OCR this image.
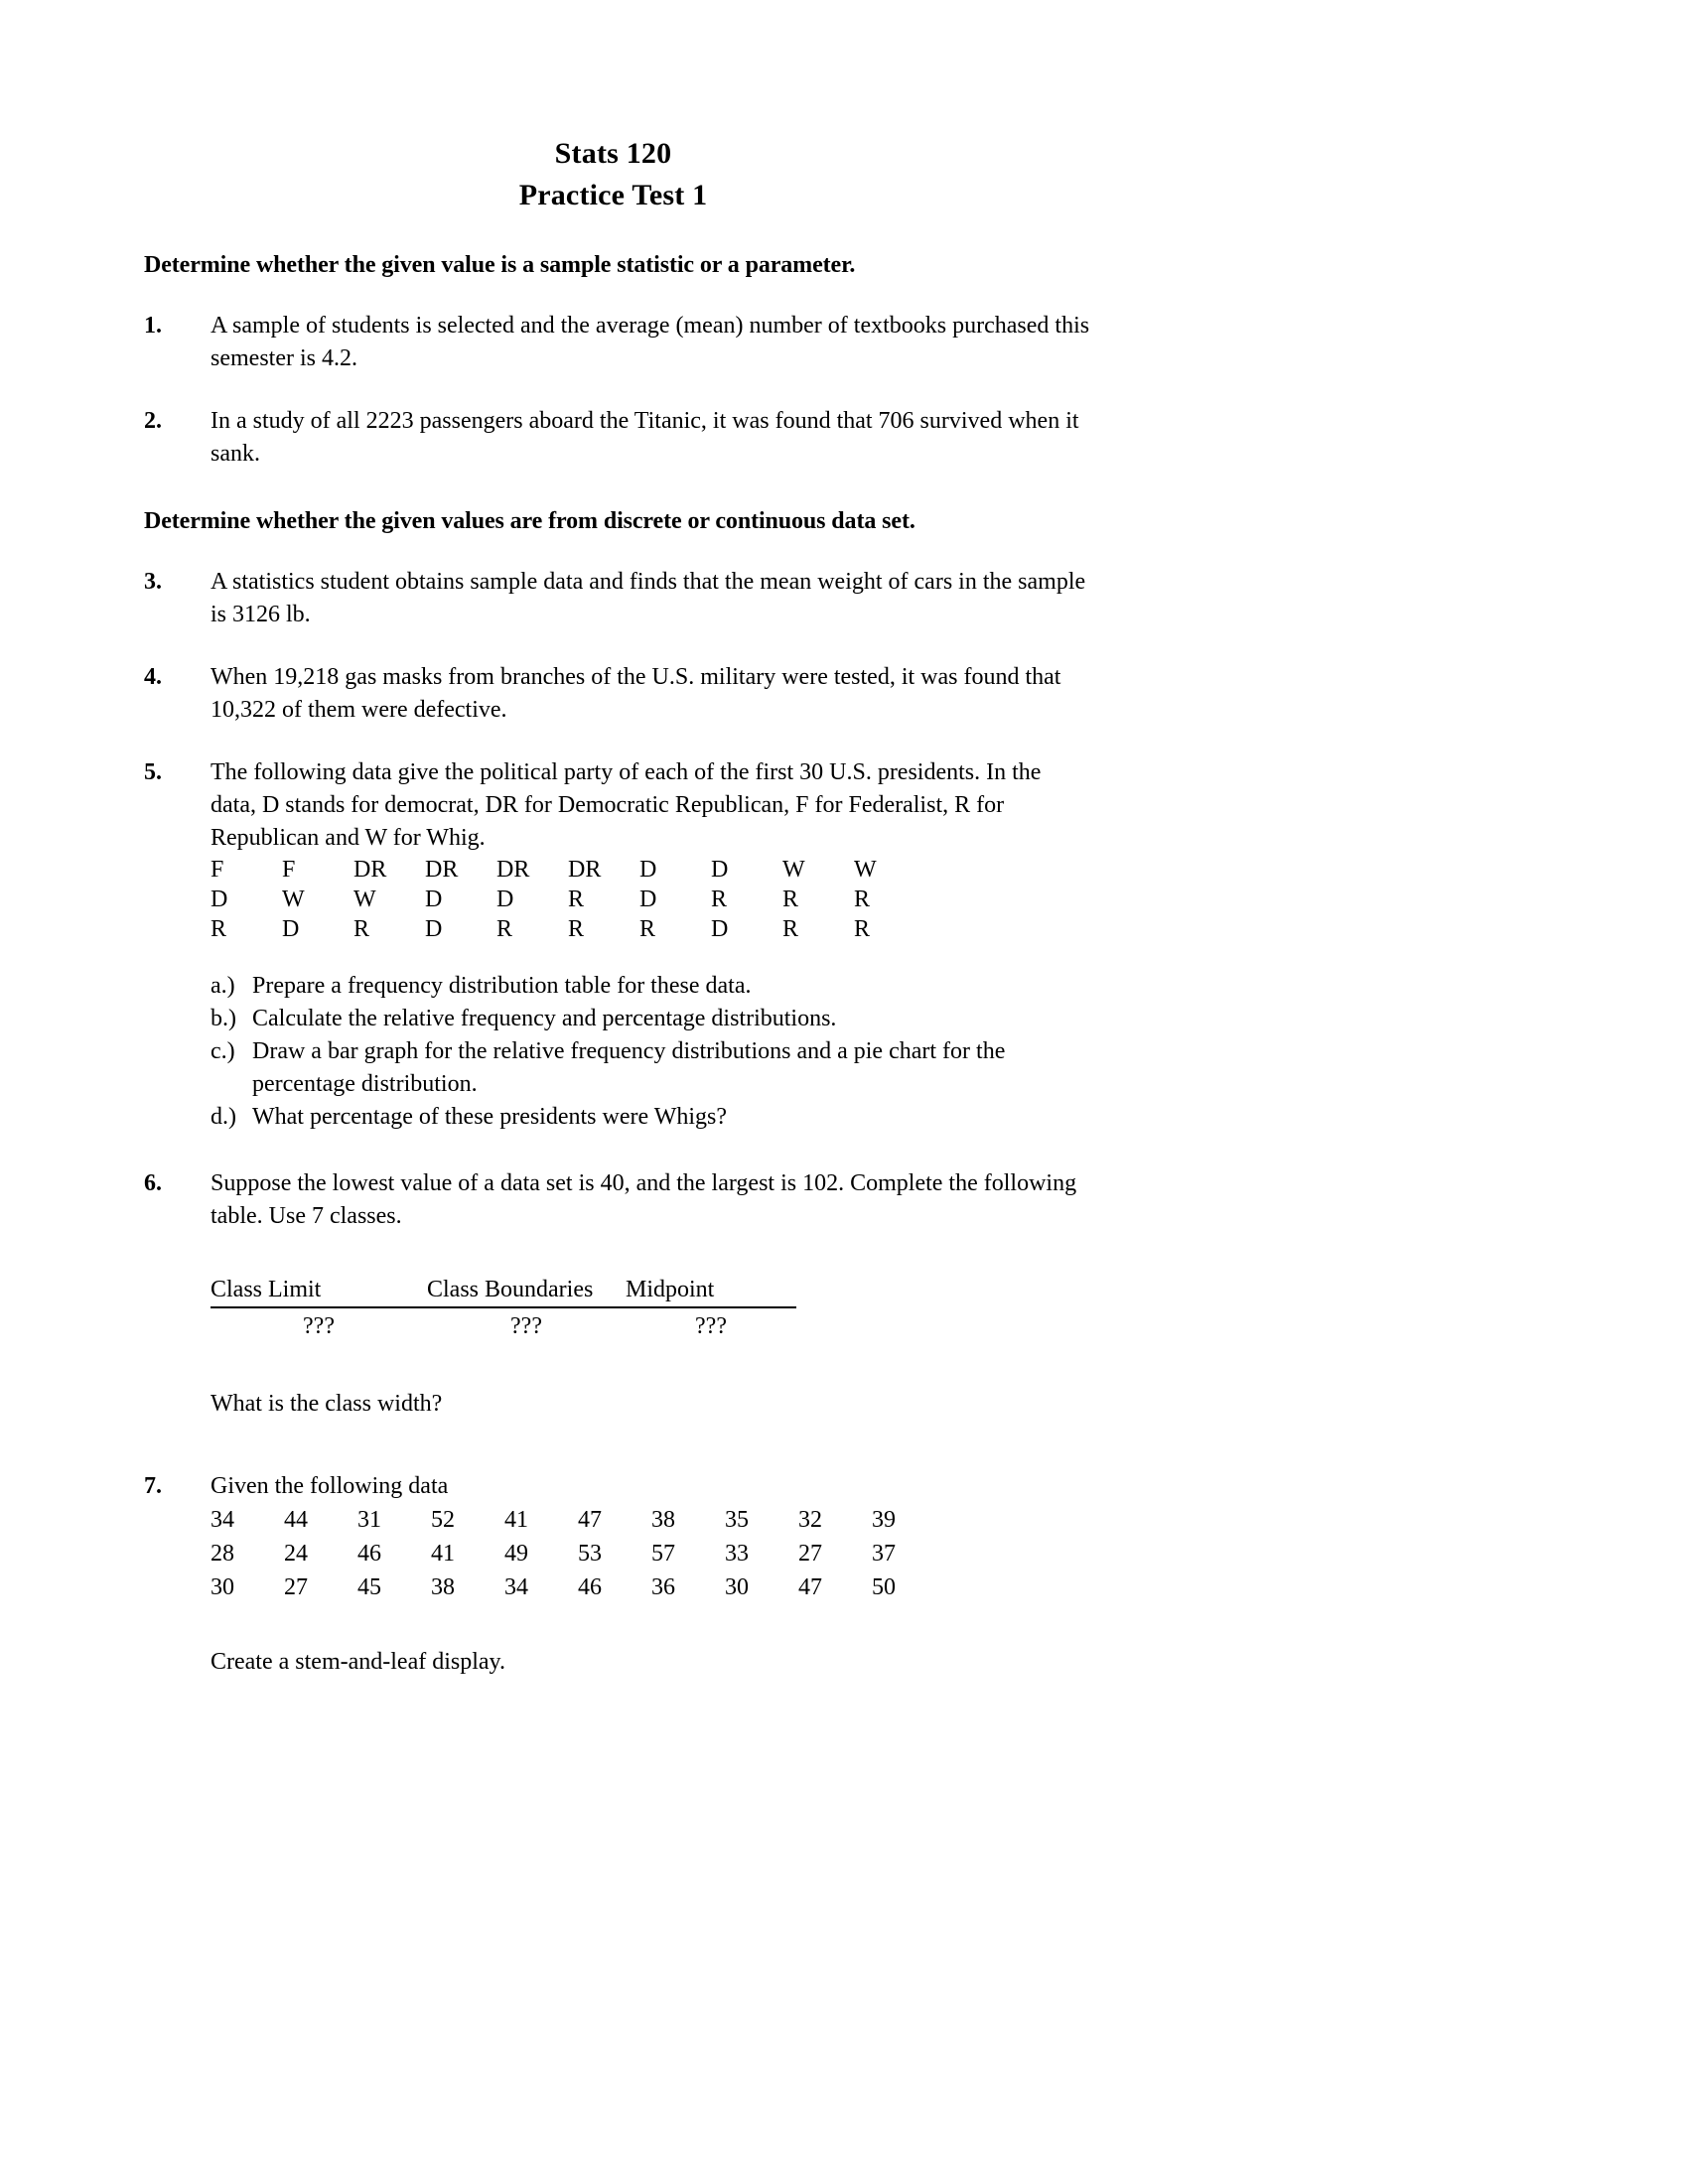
Stats 120
Practice Test 1
Determine whether the given value is a sample statistic or a parameter.
1. A sample of students is selected and the average (mean) number of textbooks purchased this semester is 4.2.
2. In a study of all 2223 passengers aboard the Titanic, it was found that 706 survived when it sank.
Determine whether the given values are from discrete or continuous data set.
3. A statistics student obtains sample data and finds that the mean weight of cars in the sample is 3126 lb.
4. When 19,218 gas masks from branches of the U.S. military were tested, it was found that 10,322 of them were defective.
5. The following data give the political party of each of the first 30 U.S. presidents. In the data, D stands for democrat, DR for Democratic Republican, F for Federalist, R for Republican and W for Whig.
F F DR DR DR DR D D W W
D W W D D R D R R R
R D R D R R R D R R
a.) Prepare a frequency distribution table for these data.
b.) Calculate the relative frequency and percentage distributions.
c.) Draw a bar graph for the relative frequency distributions and a pie chart for the percentage distribution.
d.) What percentage of these presidents were Whigs?
6. Suppose the lowest value of a data set is 40, and the largest is 102. Complete the following table. Use 7 classes.
Class Limit	Class Boundaries	Midpoint
???	???	???
What is the class width?
7. Given the following data
34 44 31 52 41 47 38 35 32 39
28 24 46 41 49 53 57 33 27 37
30 27 45 38 34 46 36 30 47 50
Create a stem-and-leaf display.
